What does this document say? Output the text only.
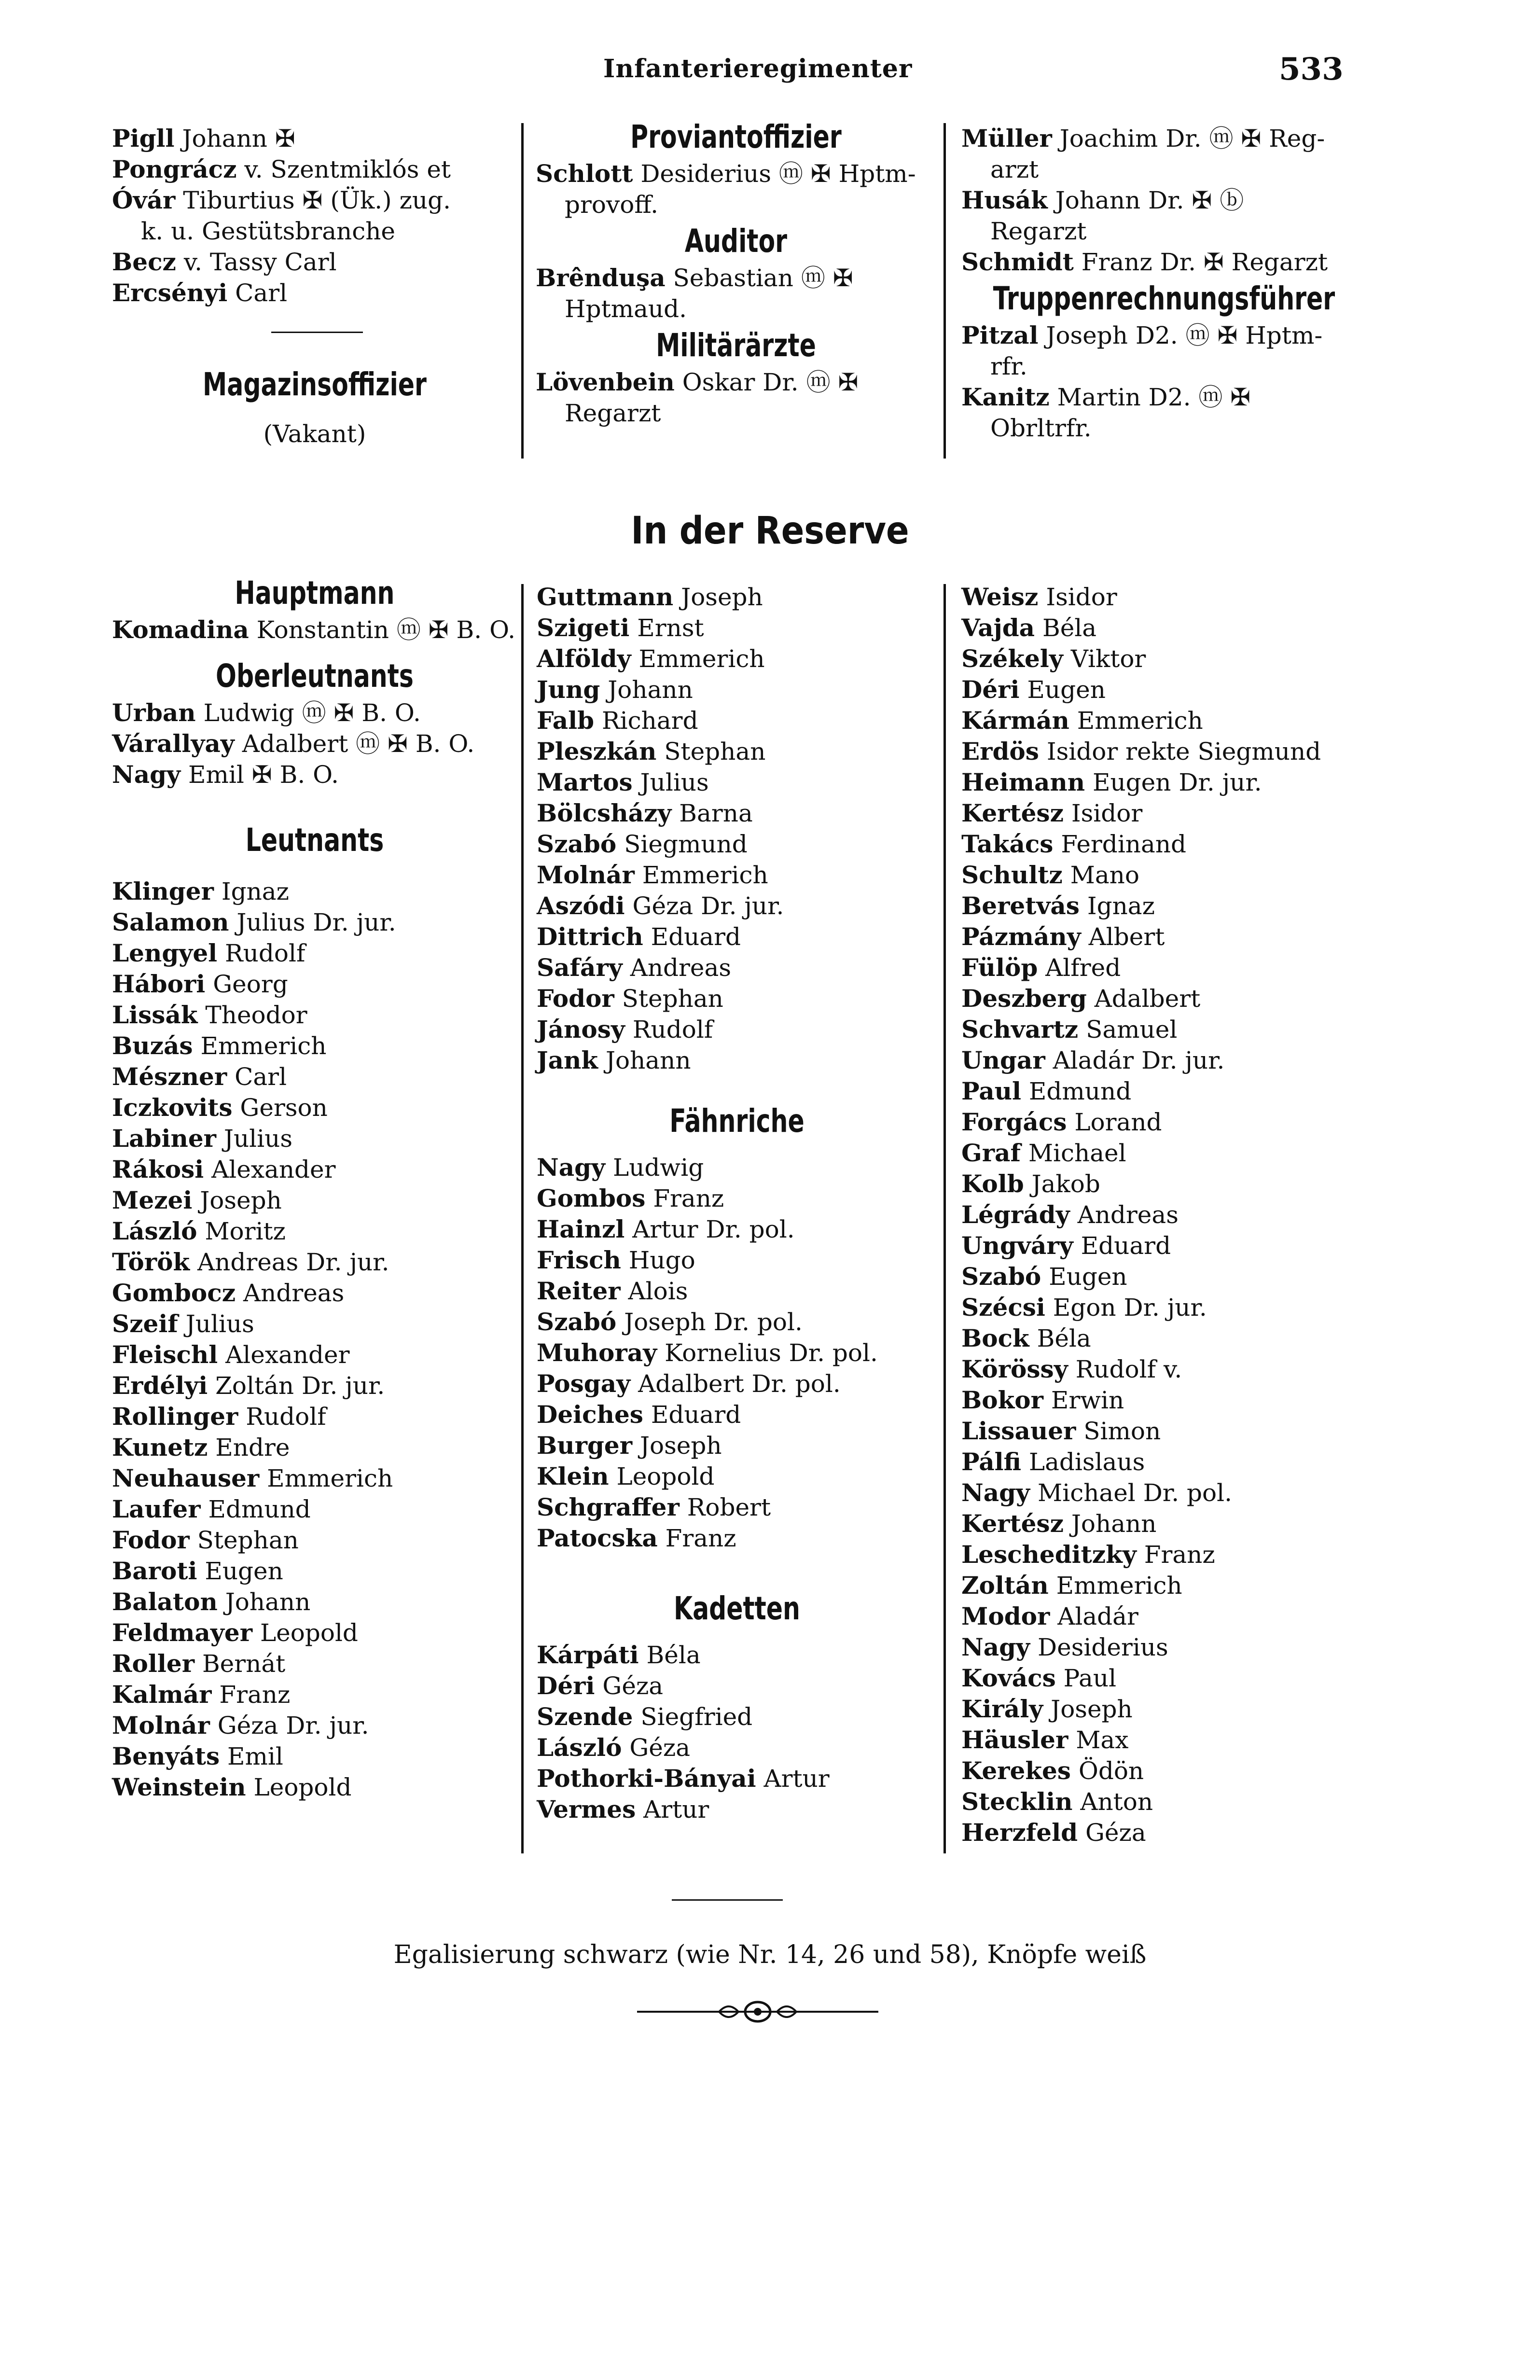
Infanterieregimenter	533
Pigll Johann ✠
Pongrácz v. Szentmiklós et
Óvár Tiburtius ✠ (Ük.) zug.
k. u. Gestütsbranche
Becz v. Tassy Carl
Ercsényi Carl
Magazinsoffizier
(Vakant)
Proviantoffizier
Schlott Desiderius ⓜ ✠ Hptm-
provoff.
Auditor
Brênduşa Sebastian ⓜ ✠
Hptmaud.
Militärärzte
Lövenbein Oskar Dr. ⓜ ✠
Regarzt
Müller Joachim Dr. ⓜ ✠ Reg-
arzt
Husák Johann Dr. ✠ ⓑ
Regarzt
Schmidt Franz Dr. ✠ Regarzt
Truppenrechnungsführer
Pitzal Joseph D2. ⓜ ✠ Hptm-
rfr.
Kanitz Martin D2. ⓜ ✠
Obrltrfr.
In der Reserve
Hauptmann
Komadina Konstantin ⓜ ✠ B. O.
Oberleutnants
Urban Ludwig ⓜ ✠ B. O.
Várallyay Adalbert ⓜ ✠ B. O.
Nagy Emil ✠ B. O.
Leutnants
Klinger Ignaz
Salamon Julius Dr. jur.
Lengyel Rudolf
Hábori Georg
Lissák Theodor
Buzás Emmerich
Mészner Carl
Iczkovits Gerson
Labiner Julius
Rákosi Alexander
Mezei Joseph
László Moritz
Török Andreas Dr. jur.
Gombocz Andreas
Szeif Julius
Fleischl Alexander
Erdélyi Zoltán Dr. jur.
Rollinger Rudolf
Kunetz Endre
Neuhauser Emmerich
Laufer Edmund
Fodor Stephan
Baroti Eugen
Balaton Johann
Feldmayer Leopold
Roller Bernát
Kalmár Franz
Molnár Géza Dr. jur.
Benyáts Emil
Weinstein Leopold
Guttmann Joseph
Szigeti Ernst
Alföldy Emmerich
Jung Johann
Falb Richard
Pleszkán Stephan
Martos Julius
Bölcsházy Barna
Szabó Siegmund
Molnár Emmerich
Aszódi Géza Dr. jur.
Dittrich Eduard
Safáry Andreas
Fodor Stephan
Jánosy Rudolf
Jank Johann
Fähnriche
Nagy Ludwig
Gombos Franz
Hainzl Artur Dr. pol.
Frisch Hugo
Reiter Alois
Szabó Joseph Dr. pol.
Muhoray Kornelius Dr. pol.
Posgay Adalbert Dr. pol.
Deiches Eduard
Burger Joseph
Klein Leopold
Schgraffer Robert
Patocska Franz
Kadetten
Kárpáti Béla
Déri Géza
Szende Siegfried
László Géza
Pothorki-Bányai Artur
Vermes Artur
Weisz Isidor
Vajda Béla
Székely Viktor
Déri Eugen
Kármán Emmerich
Erdös Isidor rekte Siegmund
Heimann Eugen Dr. jur.
Kertész Isidor
Takács Ferdinand
Schultz Mano
Beretvás Ignaz
Pázmány Albert
Fülöp Alfred
Deszberg Adalbert
Schvartz Samuel
Ungar Aladár Dr. jur.
Paul Edmund
Forgács Lorand
Graf Michael
Kolb Jakob
Légrády Andreas
Ungváry Eduard
Szabó Eugen
Szécsi Egon Dr. jur.
Bock Béla
Körössy Rudolf v.
Bokor Erwin
Lissauer Simon
Pálfi Ladislaus
Nagy Michael Dr. pol.
Kertész Johann
Lescheditzky Franz
Zoltán Emmerich
Modor Aladár
Nagy Desiderius
Kovács Paul
Király Joseph
Häusler Max
Kerekes Ödön
Stecklin Anton
Herzfeld Géza
Egalisierung schwarz (wie Nr. 14, 26 und 58), Knöpfe weiß
